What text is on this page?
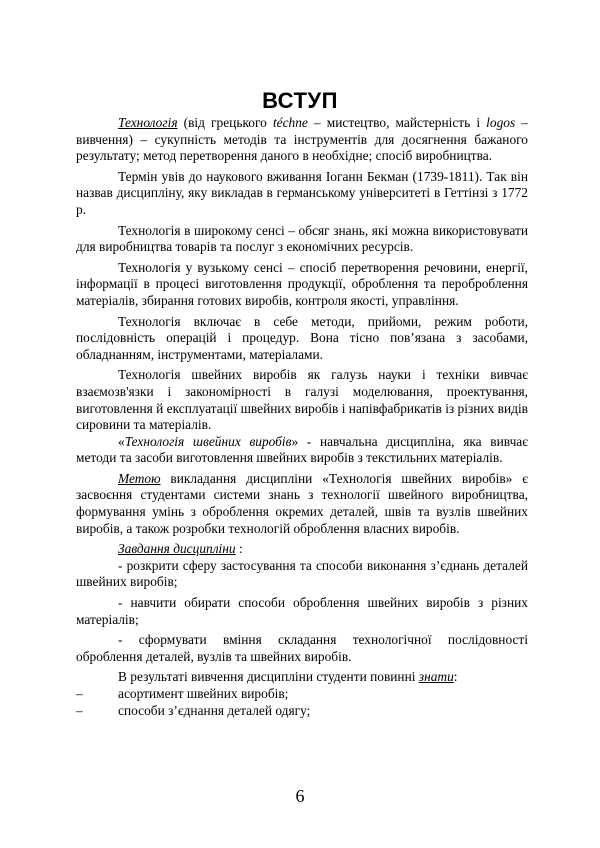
ВСТУП

Технологія (від грецького téchne – мистецтво, майстерність і logos – вивчення) – сукупність методів та інструментів для досягнення бажаного результату; метод перетворення даного в необхідне; спосіб виробництва.

Термін увів до наукового вживання Іоганн Бекман (1739-1811). Так він назвав дисципліну, яку викладав в германському університеті в Геттінзі з 1772 р.

Технологія в широкому сенсі – обсяг знань, які можна використовувати для виробництва товарів та послуг з економічних ресурсів.

Технологія у вузькому сенсі – спосіб перетворення речовини, енергії, інформації в процесі виготовлення продукції, оброблення та пероброблення матеріалів, збирання готових виробів, контроля якості, управління.

Технологія включає в себе методи, прийоми, режим роботи, послідовність операцій і процедур. Вона тісно пов’язана з засобами, обладнанням, інструментами, матеріалами.

Технологія швейних виробів як галузь науки і техніки вивчає взаємозв'язки і закономірності в галузі моделювання, проектування, виготовлення й експлуатації швейних виробів і напівфабрикатів із різних видів сировини та матеріалів.

«Технологія швейних виробів» - навчальна дисципліна, яка вивчає методи та засоби виготовлення швейних виробів з текстильних матеріалів.

Метою викладання дисципліни «Технологія швейних виробів» є засвоєння студентами системи знань з технології швейного виробництва, формування умінь з оброблення окремих деталей, швів та вузлів швейних виробів, а також розробки технологій оброблення власних виробів.

Завдання дисципліни :

- розкрити сферу застосування та способи виконання з’єднань деталей швейних виробів;

- навчити обирати способи оброблення швейних виробів з різних матеріалів;

- сформувати вміння складання технологічної послідовності оброблення деталей, вузлів та швейних виробів.

В результаті вивчення дисципліни студенти повинні знати:

–	асортимент швейних виробів;
–	способи з’єднання деталей одягу;
6
